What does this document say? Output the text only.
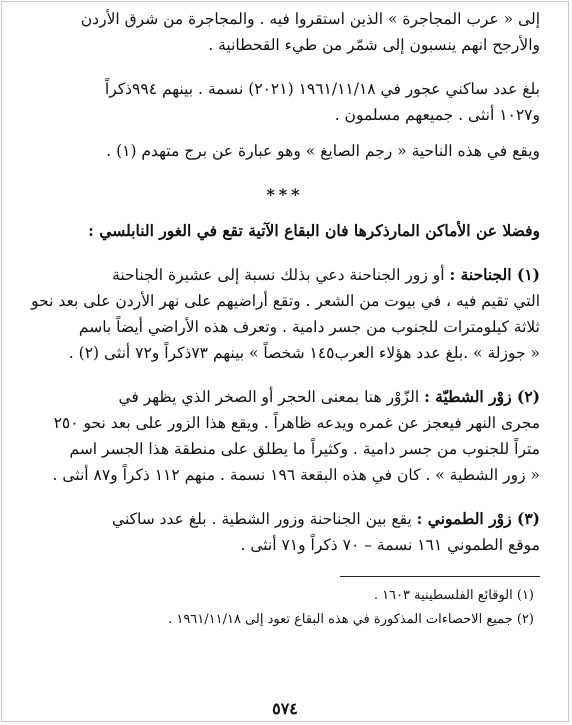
إلى « عرب المجاجرة » الذين استقروا فيه . والمجاجرة من شرق الأردن
والأرجح انهم ينسبون إلى شمّر من طيء القحطانية .
بلغ عدد ساكني عجور في ١٩٦١/١١/١٨ (٢٠٢١) نسمة . بينهم ٩٩٤ذكراً
و١٠٢٧ أنثى . جميعهم مسلمون .
ويقع في هذه الناحية « رجم الصايغ » وهو عبارة عن برج متهدم (١) .
***
وفضلا عن الأماكن المارذكرها فان البقاع الآتية تقع في الغور النابلسي :
(١) الجناحنة : أو زور الجناحنة دعي بذلك نسبة إلى عشيرة الجناحنة
التي تقيم فيه ، في بيوت من الشعر . وتقع أراضيهم على نهر الأردن على بعد نحو
ثلاثة كيلومترات للجنوب من جسر دامية . وتعرف هذه الأراضي أيضاً باسم
« جوزلة » .بلغ عدد هؤلاء العرب١٤٥ شخصاً » بينهم ٧٣ذكراً و٧٢ أنثى (٢) .
(٢) زوْر الشطيّة : الزّوْر هنا بمعنى الحجر أو الصخر الذي يظهر في
مجرى النهر فيعجز عن غمره ويدعه ظاهراً . ويقع هذا الزور على بعد نحو ٢٥٠
متراً للجنوب من جسر دامية . وكثيراً ما يطلق على منطقة هذا الجسر اسم
« زور الشطية » . كان في هذه البقعة ١٩٦ نسمة . منهم ١١٢ ذكراً و٨٧ أنثى .
(٣) زوْر الطموني : يقع بين الجناحنة وزور الشطية . بلغ عدد ساكني
موقع الطموني ١٦١ نسمة – ٧٠ ذكراً و٧١ أنثى .
(١) الوقائع الفلسطينية ١٦٠٣ .
(٢) جميع الاحصاءات المذكورة في هذه البقاع تعود إلى ١٩٦١/١١/١٨ .
٥٧٤
